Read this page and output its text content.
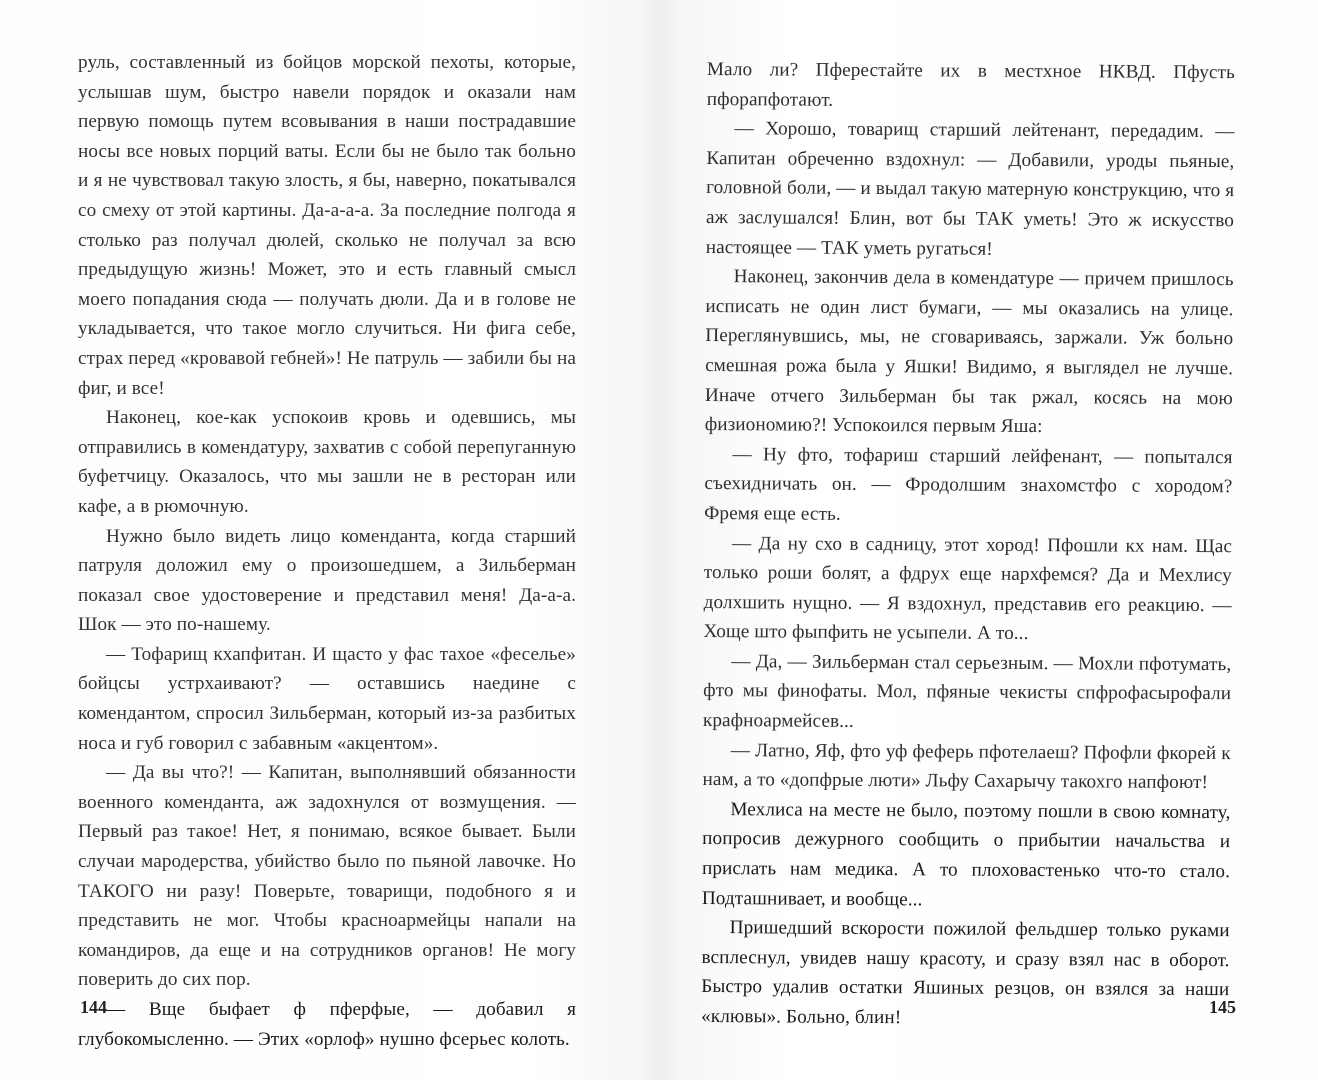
руль, составленный из бойцов морской пехоты, которые, услышав шум, быстро навели порядок и оказали нам первую помощь путем всовывания в наши пострадавшие носы все новых порций ваты. Если бы не было так больно и я не чувствовал такую злость, я бы, наверно, покатывался со смеху от этой картины. Да-а-а-а. За последние полгода я столько раз получал дюлей, сколько не получал за всю предыдущую жизнь! Может, это и есть главный смысл моего попадания сюда — получать дюли. Да и в голове не укладывается, что такое могло случиться. Ни фига себе, страх перед «кровавой гебней»! Не патруль — забили бы на фиг, и все!

Наконец, кое-как успокоив кровь и одевшись, мы отправились в комендатуру, захватив с собой перепуганную буфетчицу. Оказалось, что мы зашли не в ресторан или кафе, а в рюмочную.

Нужно было видеть лицо коменданта, когда старший патруля доложил ему о произошедшем, а Зильберман показал свое удостоверение и представил меня! Да-а-а. Шок — это по-нашему.

— Тофарищ кхапфитан. И щасто у фас тахое «феселье» бойцсы устрхаивают? — оставшись наедине с комендантом, спросил Зильберман, который из-за разбитых носа и губ говорил с забавным «акцентом».

— Да вы что?! — Капитан, выполнявший обязанности военного коменданта, аж задохнулся от возмущения. — Первый раз такое! Нет, я понимаю, всякое бывает. Были случаи мародерства, убийство было по пьяной лавочке. Но ТАКОГО ни разу! Поверьте, товарищи, подобного я и представить не мог. Чтобы красноармейцы напали на командиров, да еще и на сотрудников органов! Не могу поверить до сих пор.

— Вще быфает ф пферфые, — добавил я глубокомысленно. — Этих «орлоф» нушно фсерьес колоть.

144

Мало ли? Пферестайте их в местхное НКВД. Пфусть пфорапфотают.

— Хорошо, товарищ старший лейтенант, передадим. — Капитан обреченно вздохнул: — Добавили, уроды пьяные, головной боли, — и выдал такую матерную конструкцию, что я аж заслушался! Блин, вот бы ТАК уметь! Это ж искусство настоящее — ТАК уметь ругаться!

Наконец, закончив дела в комендатуре — причем пришлось исписать не один лист бумаги, — мы оказались на улице. Переглянувшись, мы, не сговариваясь, заржали. Уж больно смешная рожа была у Яшки! Видимо, я выглядел не лучше. Иначе отчего Зильберман бы так ржал, косясь на мою физиономию?! Успокоился первым Яша:

— Ну фто, тофариш старший лейфенант, — попытался съехидничать он. — Фродолшим знахомстфо с хородом? Фремя еще есть.

— Да ну схо в садницу, этот хород! Пфошли кх нам. Щас только роши болят, а фдрух еще нархфемся? Да и Мехлису долхшить нущно. — Я вздохнул, представив его реакцию. — Хоще што фыпфить не усыпели. А то...

— Да, — Зильберман стал серьезным. — Мохли пфотумать, фто мы финофаты. Мол, пфяные чекисты спфрофасырофали крафноармейсев...

— Латно, Яф, фто уф феферь пфотелаеш? Пфофли фкорей к нам, а то «допфрые люти» Льфу Сахарычу такохго напфоют!

Мехлиса на месте не было, поэтому пошли в свою комнату, попросив дежурного сообщить о прибытии начальства и прислать нам медика. А то плоховастенько что-то стало. Подташнивает, и вообще...

Пришедший вскорости пожилой фельдшер только руками всплеснул, увидев нашу красоту, и сразу взял нас в оборот. Быстро удалив остатки Яшиных резцов, он взялся за наши «клювы». Больно, блин!	145
